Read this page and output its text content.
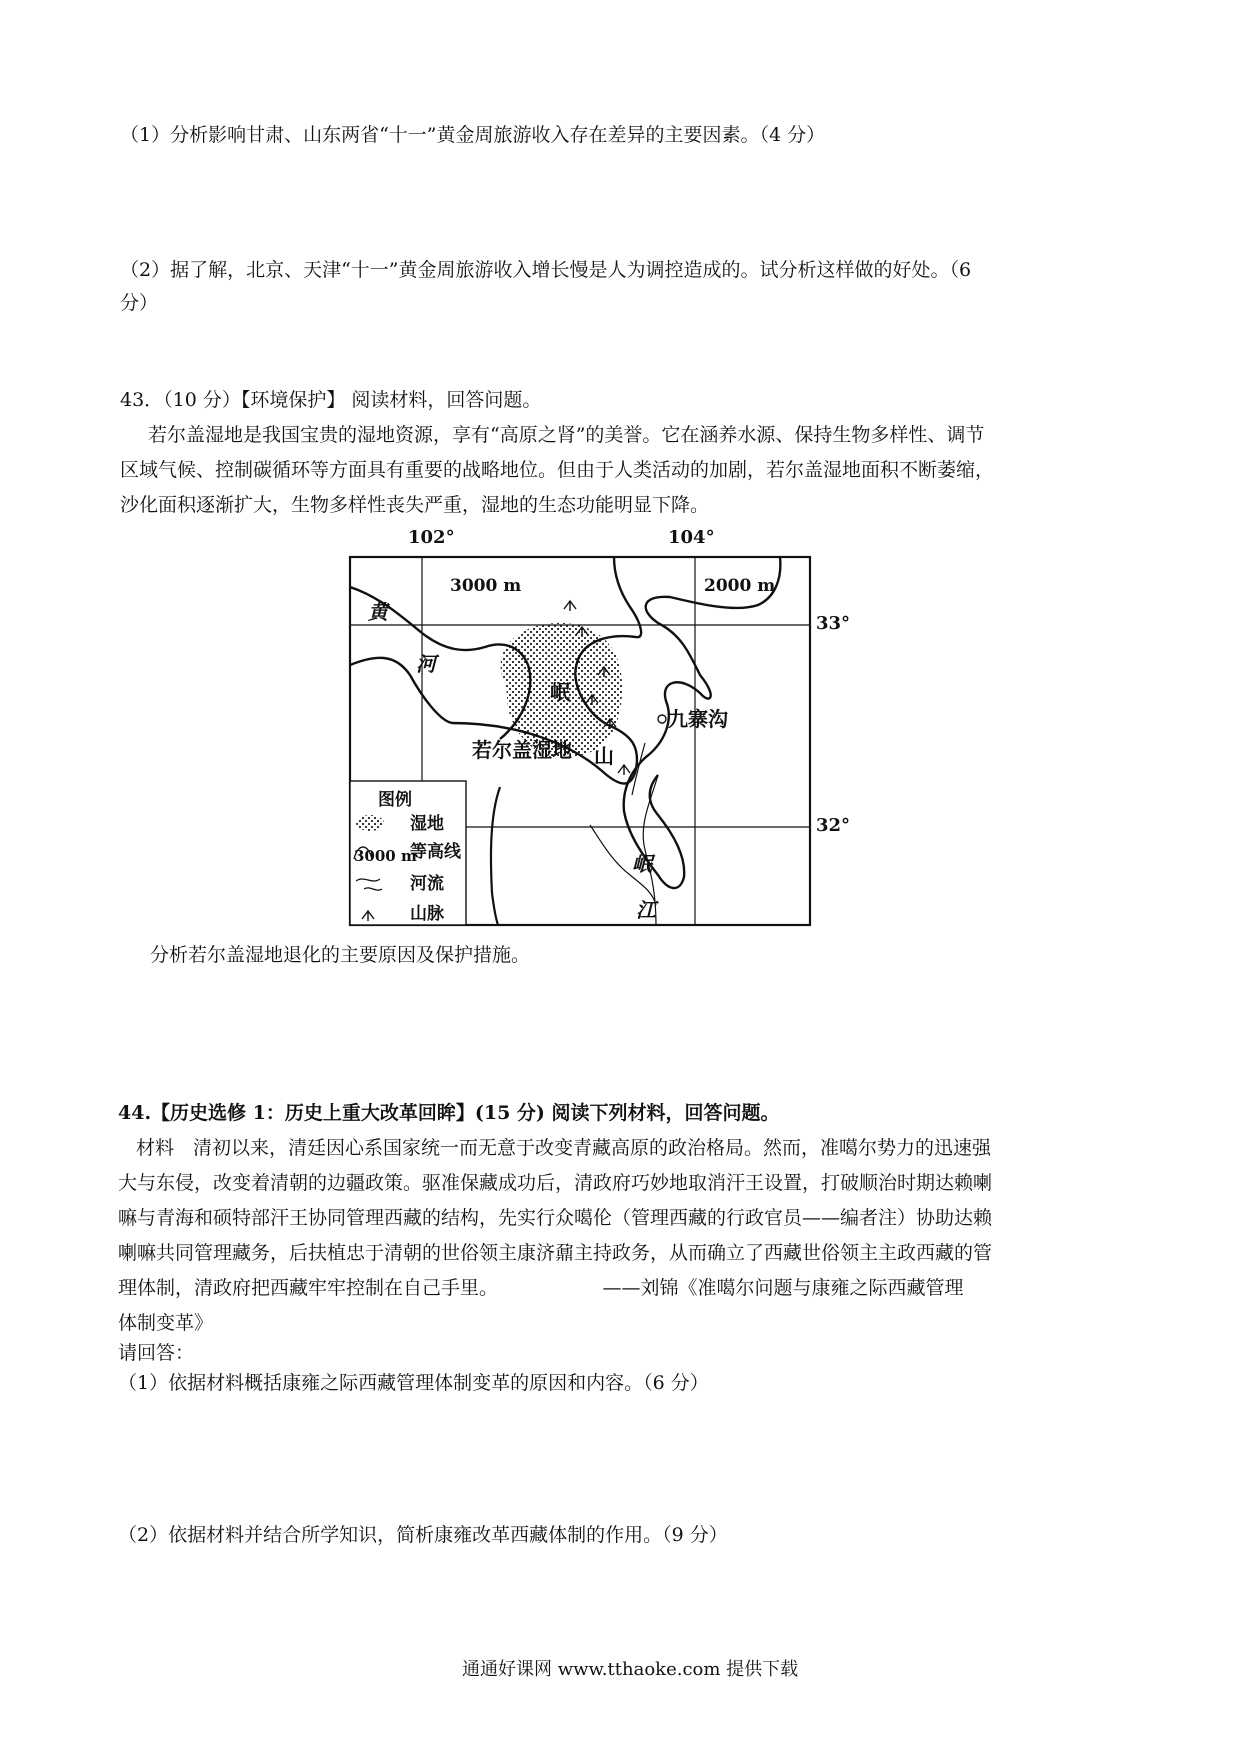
（1）分析影响甘肃、山东两省“十一”黄金周旅游收入存在差异的主要因素。（4 分）
（2）据了解，北京、天津“十一”黄金周旅游收入增长慢是人为调控造成的。试分析这样做的好处。（6
分）
43．（10 分）【环境保护】 阅读材料，回答问题。
若尔盖湿地是我国宝贵的湿地资源，享有“高原之肾”的美誉。它在涵养水源、保持生物多样性、调节
区域气候、控制碳循环等方面具有重要的战略地位。但由于人类活动的加剧，若尔盖湿地面积不断萎缩，
沙化面积逐渐扩大，生物多样性丧失严重，湿地的生态功能明显下降。
102°	104°
33°
32°
3000 m	2000 m
黄
河
若尔盖湿地
岷
山
九寨沟
岷
江
图例
湿地
3000 m
等高线
河流
山脉
分析若尔盖湿地退化的主要原因及保护措施。
44.【历史选修 1：历史上重大改革回眸】(15 分) 阅读下列材料，回答问题。
材料　清初以来，清廷因心系国家统一而无意于改变青藏高原的政治格局。然而，准噶尔势力的迅速强
大与东侵，改变着清朝的边疆政策。驱准保藏成功后，清政府巧妙地取消汗王设置，打破顺治时期达赖喇
嘛与青海和硕特部汗王协同管理西藏的结构，先实行众噶伦（管理西藏的行政官员——编者注）协助达赖
喇嘛共同管理藏务，后扶植忠于清朝的世俗领主康济鼐主持政务，从而确立了西藏世俗领主主政西藏的管
理体制，清政府把西藏牢牢控制在自己手里。　　　　　　——刘锦《准噶尔问题与康雍之际西藏管理
体制变革》
请回答：
（1）依据材料概括康雍之际西藏管理体制变革的原因和内容。（6 分）
（2）依据材料并结合所学知识，简析康雍改革西藏体制的作用。（9 分）
通通好课网 www.tthaoke.com 提供下载
